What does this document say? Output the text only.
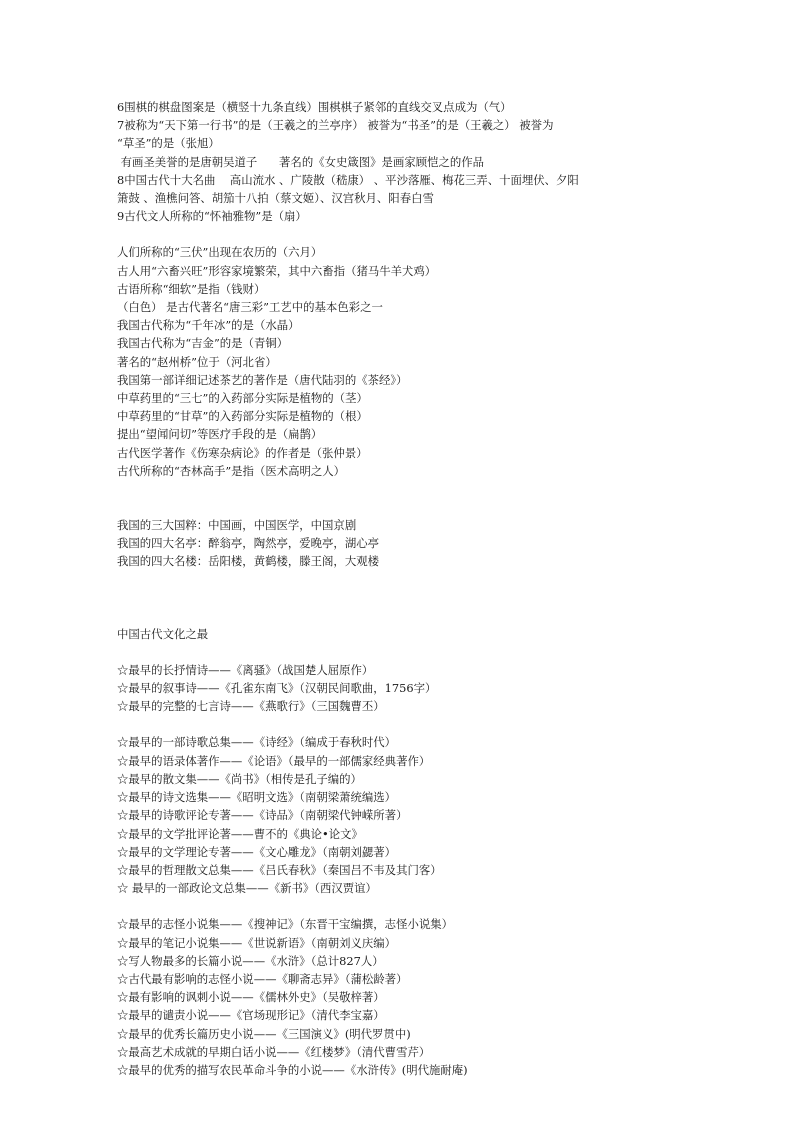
6围棋的棋盘图案是（横竖十九条直线）围棋棋子紧邻的直线交叉点成为（气）
7被称为“天下第一行书”的是（王羲之的兰亭序） 被誉为“书圣”的是（王羲之） 被誉为
“草圣”的是（张旭）
有画圣美誉的是唐朝吴道子      著名的《女史箴图》是画家顾恺之的作品
8中国古代十大名曲    高山流水 、广陵散（嵇康） 、平沙落雁、梅花三弄、十面埋伏、夕阳
箫鼓 、渔樵问答、胡笳十八拍（蔡文姬）、汉宫秋月、阳春白雪
9古代文人所称的“怀袖雅物”是（扇）
人们所称的“三伏”出现在农历的（六月）
古人用“六畜兴旺”形容家境繁荣，其中六畜指（猪马牛羊犬鸡）
古语所称“细软”是指（钱财）
（白色） 是古代著名“唐三彩”工艺中的基本色彩之一
我国古代称为“千年冰”的是（水晶）
我国古代称为“吉金”的是（青铜）
著名的“赵州桥”位于（河北省）
我国第一部详细记述茶艺的著作是（唐代陆羽的《茶经》）
中草药里的“三七”的入药部分实际是植物的（茎）
中草药里的“甘草”的入药部分实际是植物的（根）
提出“望闻问切”等医疗手段的是（扁鹊）
古代医学著作《伤寒杂病论》的作者是（张仲景）
古代所称的“杏林高手”是指（医术高明之人）
我国的三大国粹：中国画，中国医学，中国京剧
我国的四大名亭：醉翁亭，陶然亭，爱晚亭，湖心亭
我国的四大名楼：岳阳楼，黄鹤楼，滕王阁，大观楼
中国古代文化之最
☆最早的长抒情诗——《离骚》（战国楚人屈原作）
☆最早的叙事诗——《孔雀东南飞》（汉朝民间歌曲，1756字）
☆最早的完整的七言诗——《燕歌行》（三国魏曹丕）
☆最早的一部诗歌总集——《诗经》（编成于春秋时代）
☆最早的语录体著作——《论语》（最早的一部儒家经典著作）
☆最早的散文集——《尚书》（相传是孔子编的）
☆最早的诗文选集——《昭明文选》（南朝梁萧统编选）
☆最早的诗歌评论专著——《诗品》（南朝梁代钟嵘所著）
☆最早的文学批评论著——曹不的《典论•论文》
☆最早的文学理论专著——《文心雕龙》（南朝刘勰著）
☆最早的哲理散文总集——《吕氏春秋》（秦国吕不韦及其门客）
☆ 最早的一部政论文总集——《新书》（西汉贾谊）
☆最早的志怪小说集——《搜神记》（东晋干宝编撰，志怪小说集）
☆最早的笔记小说集——《世说新语》（南朝刘义庆编）
☆写人物最多的长篇小说——《水浒》（总计827人）
☆古代最有影响的志怪小说——《聊斋志异》（蒲松龄著）
☆最有影响的讽刺小说——《儒林外史》（吴敬梓著）
☆最早的谴责小说——《官场现形记》（清代李宝嘉）
☆最早的优秀长篇历史小说——《三国演义》(明代罗贯中)
☆最高艺术成就的早期白话小说——《红楼梦》（清代曹雪芹）
☆最早的优秀的描写农民革命斗争的小说——《水浒传》(明代施耐庵)
